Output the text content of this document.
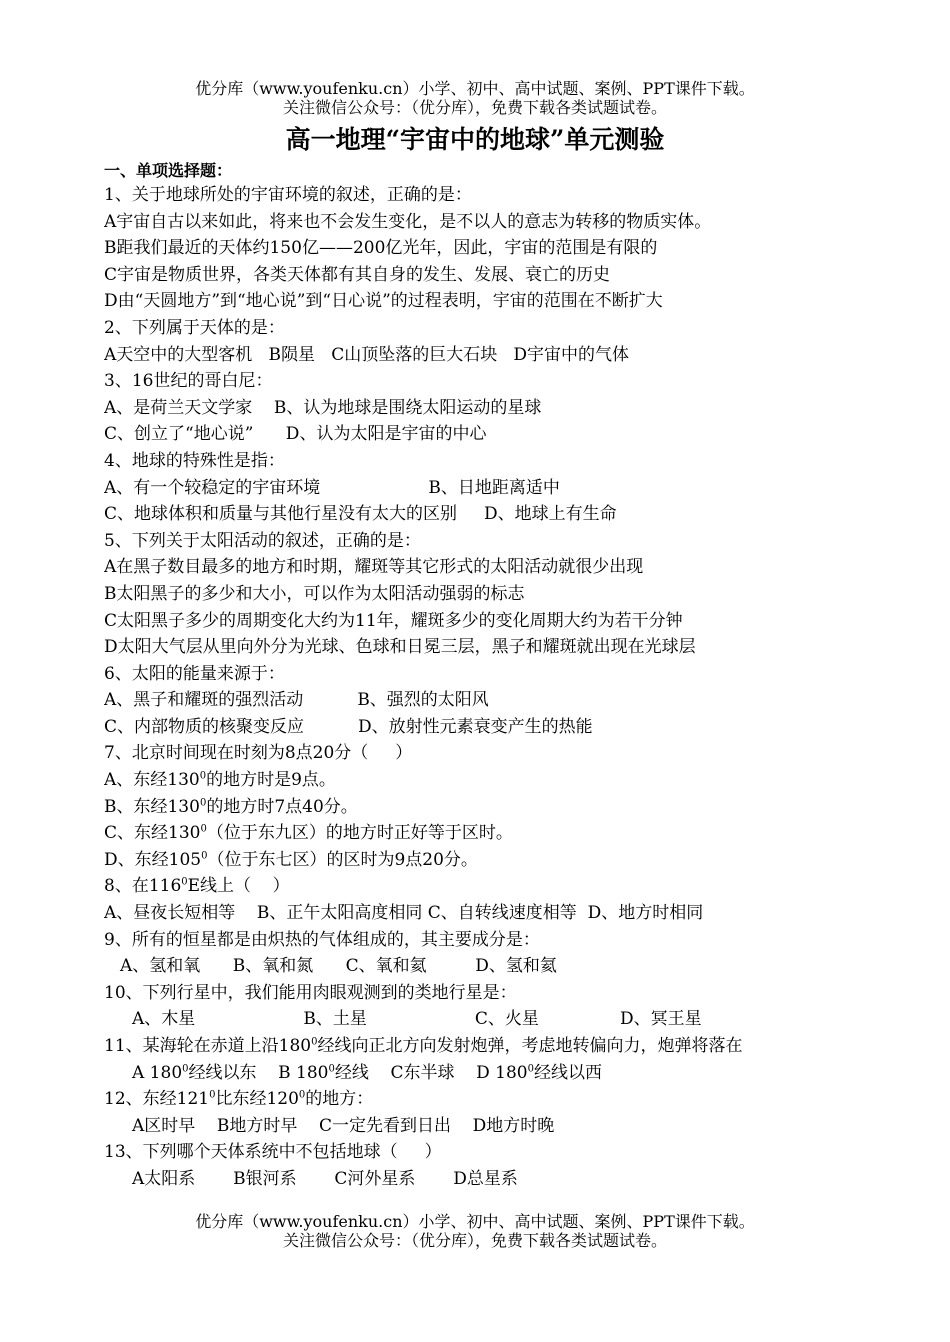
优分库（www.youfenku.cn）小学、初中、高中试题、案例、PPT课件下载。
关注微信公众号：（优分库），免费下载各类试题试卷。
高一地理“宇宙中的地球”单元测验
一、单项选择题：
1、关于地球所处的宇宙环境的叙述，正确的是：
A宇宙自古以来如此，将来也不会发生变化，是不以人的意志为转移的物质实体。
B距我们最近的天体约150亿——200亿光年，因此，宇宙的范围是有限的
C宇宙是物质世界，各类天体都有其自身的发生、发展、衰亡的历史
D由“天圆地方”到“地心说”到“日心说”的过程表明，宇宙的范围在不断扩大
2、下列属于天体的是：
A天空中的大型客机   B陨星   C山顶坠落的巨大石块   D宇宙中的气体
3、16世纪的哥白尼：
A、是荷兰天文学家    B、认为地球是围绕太阳运动的星球
C、创立了“地心说”      D、认为太阳是宇宙的中心
4、地球的特殊性是指：
A、有一个较稳定的宇宙环境                    B、日地距离适中
C、地球体积和质量与其他行星没有太大的区别     D、地球上有生命
5、下列关于太阳活动的叙述，正确的是：
A在黑子数目最多的地方和时期，耀斑等其它形式的太阳活动就很少出现
B太阳黑子的多少和大小，可以作为太阳活动强弱的标志
C太阳黑子多少的周期变化大约为11年，耀斑多少的变化周期大约为若干分钟
D太阳大气层从里向外分为光球、色球和日冕三层，黑子和耀斑就出现在光球层
6、太阳的能量来源于：
A、黑子和耀斑的强烈活动          B、强烈的太阳风
C、内部物质的核聚变反应          D、放射性元素衰变产生的热能
7、北京时间现在时刻为8点20分（     ）
A、东经$130^0$的地方时是9点。
B、东经$130^0$的地方时7点40分。
C、东经$130^0$（位于东九区）的地方时正好等于区时。
D、东经$105^0$（位于东七区）的区时为9点20分。
8、在$116^0E$线上（    ）
A、昼夜长短相等    B、正午太阳高度相同 C、自转线速度相等  D、地方时相同
9、所有的恒星都是由炽热的气体组成的，其主要成分是：
A、氢和氧      B、氧和氮      C、氧和氦         D、氢和氦
10、下列行星中，我们能用肉眼观测到的类地行星是：
A、木星                    B、土星                    C、火星               D、冥王星
11、某海轮在赤道上沿$180^0$经线向正北方向发射炮弹，考虑地转偏向力，炮弹将落在
A $180^0$经线以东    B $180^0$经线    C东半球    D $180^0$经线以西
12、东经$121^0$比东经$120^0$的地方：
A区时早    B地方时早    C一定先看到日出    D地方时晚
13、下列哪个天体系统中不包括地球（     ）
A太阳系       B银河系       C河外星系       D总星系
优分库（www.youfenku.cn）小学、初中、高中试题、案例、PPT课件下载。
关注微信公众号：（优分库），免费下载各类试题试卷。
